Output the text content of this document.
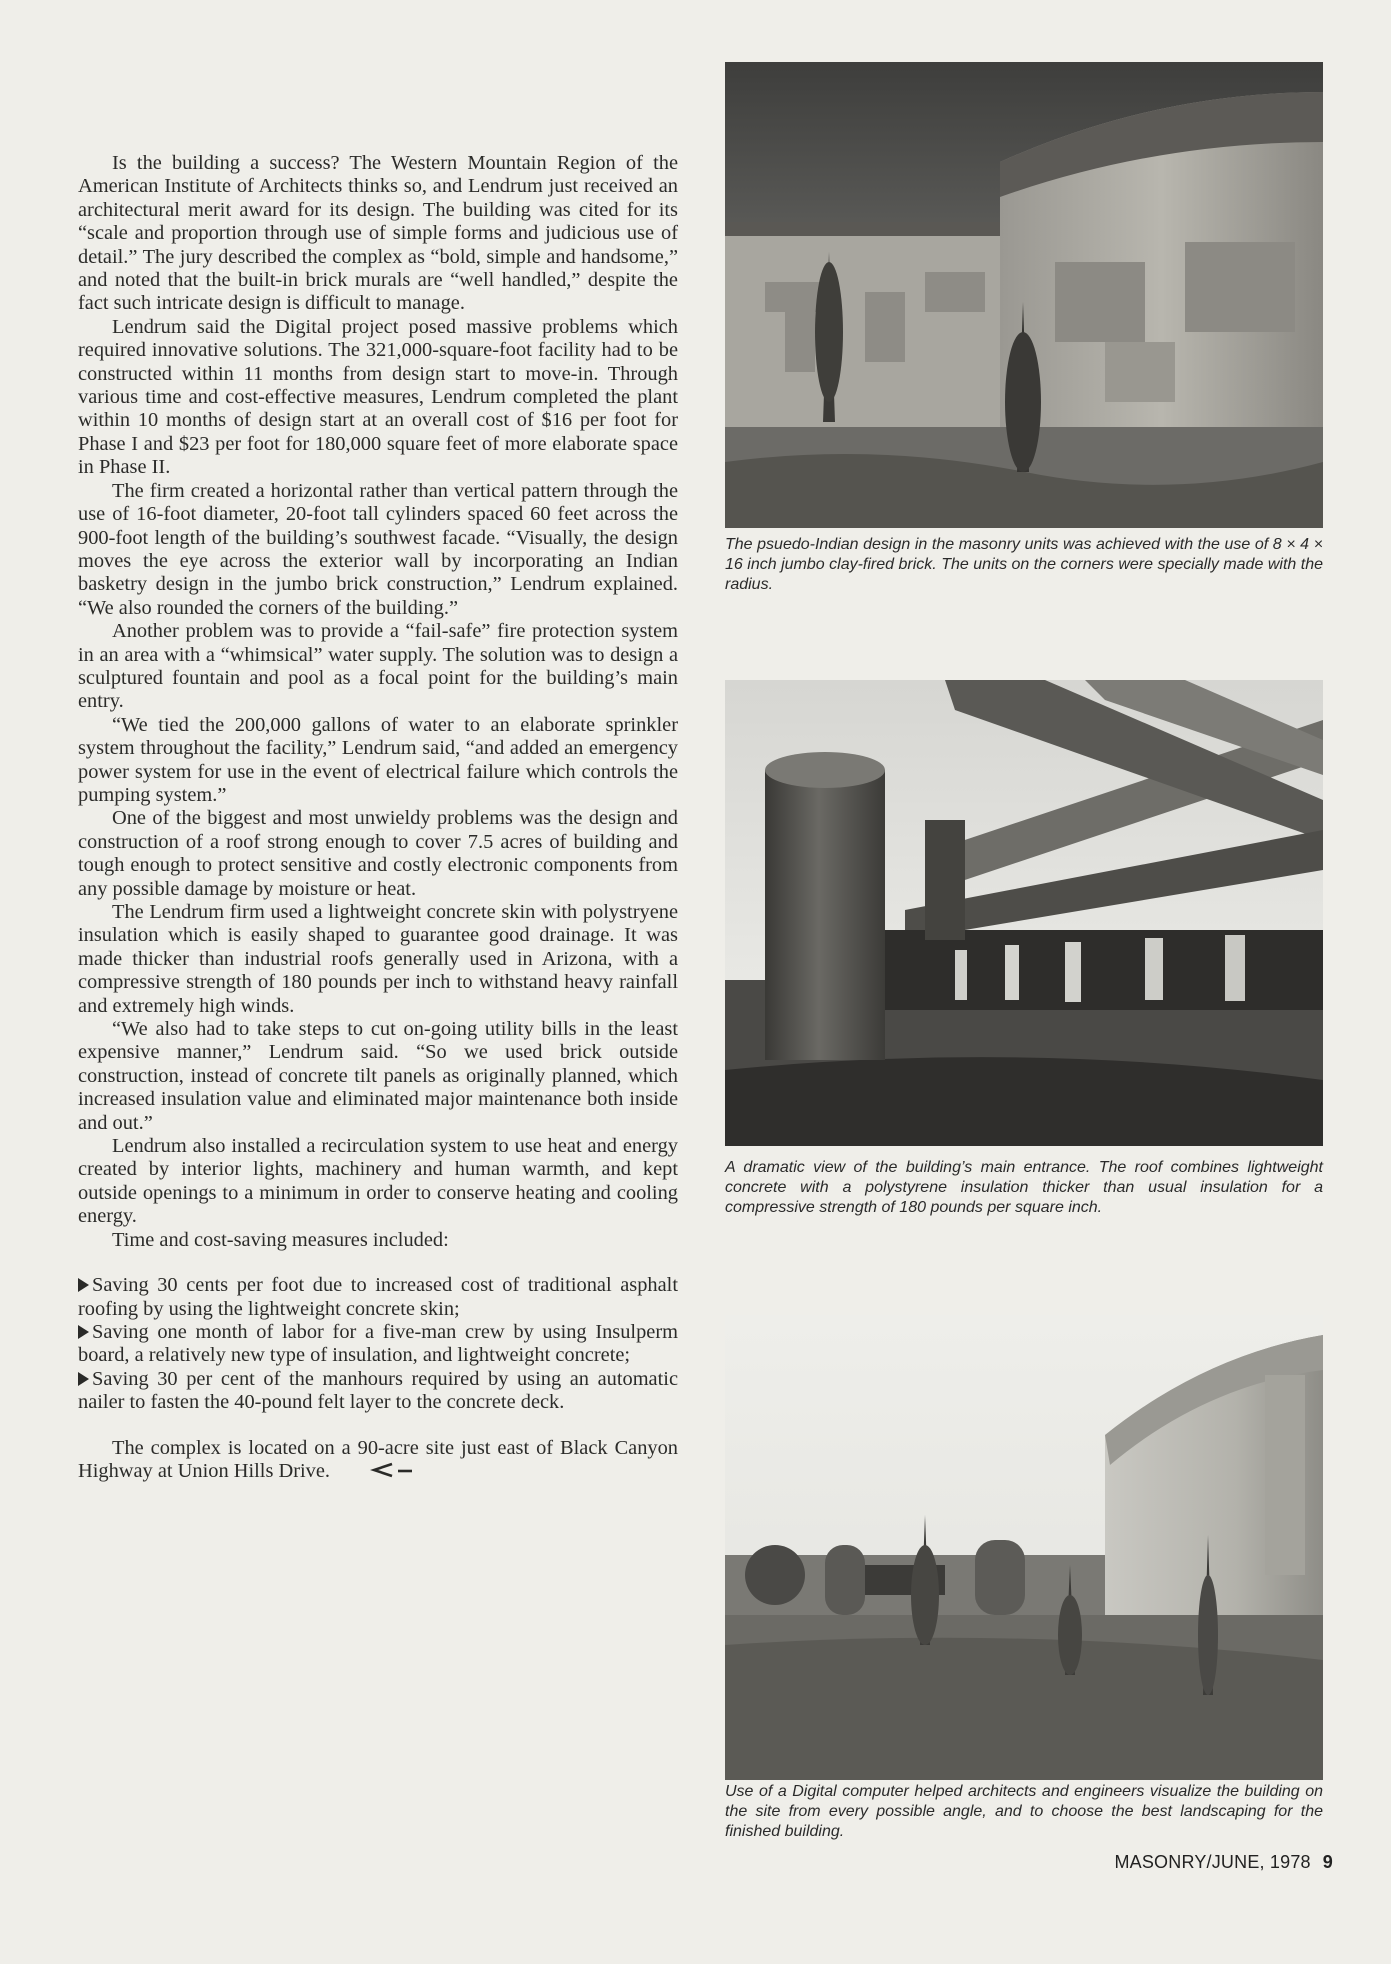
Is the building a success? The Western Mountain Region of the American Institute of Architects thinks so, and Lendrum just received an architectural merit award for its design. The building was cited for its “scale and proportion through use of simple forms and judicious use of detail.” The jury described the complex as “bold, simple and handsome,” and noted that the built-in brick murals are “well handled,” despite the fact such intricate design is difficult to manage.

Lendrum said the Digital project posed massive problems which required innovative solutions. The 321,000-square-foot facility had to be constructed within 11 months from design start to move-in. Through various time and cost-effective measures, Lendrum completed the plant within 10 months of design start at an overall cost of $16 per foot for Phase I and $23 per foot for 180,000 square feet of more elaborate space in Phase II.

The firm created a horizontal rather than vertical pattern through the use of 16-foot diameter, 20-foot tall cylinders spaced 60 feet across the 900-foot length of the building’s southwest facade. “Visually, the design moves the eye across the exterior wall by incorporating an Indian basketry design in the jumbo brick construction,” Lendrum explained. “We also rounded the corners of the building.”

Another problem was to provide a “fail-safe” fire protection system in an area with a “whimsical” water supply. The solution was to design a sculptured fountain and pool as a focal point for the building’s main entry.

“We tied the 200,000 gallons of water to an elaborate sprinkler system throughout the facility,” Lendrum said, “and added an emergency power system for use in the event of electrical failure which controls the pumping system.”

One of the biggest and most unwieldy problems was the design and construction of a roof strong enough to cover 7.5 acres of building and tough enough to protect sensitive and costly electronic components from any possible damage by moisture or heat.

The Lendrum firm used a lightweight concrete skin with polystryene insulation which is easily shaped to guarantee good drainage. It was made thicker than industrial roofs generally used in Arizona, with a compressive strength of 180 pounds per inch to withstand heavy rainfall and extremely high winds.

“We also had to take steps to cut on-going utility bills in the least expensive manner,” Lendrum said. “So we used brick outside construction, instead of concrete tilt panels as originally planned, which increased insulation value and eliminated major maintenance both inside and out.”

Lendrum also installed a recirculation system to use heat and energy created by interior lights, machinery and human warmth, and kept outside openings to a minimum in order to conserve heating and cooling energy.

Time and cost-saving measures included:

Saving 30 cents per foot due to increased cost of traditional asphalt roofing by using the lightweight concrete skin;

Saving one month of labor for a five-man crew by using Insulperm board, a relatively new type of insulation, and lightweight concrete;

Saving 30 per cent of the manhours required by using an automatic nailer to fasten the 40-pound felt layer to the concrete deck.

The complex is located on a 90-acre site just east of Black Canyon Highway at Union Hills Drive.

The psuedo-Indian design in the masonry units was achieved with the use of 8 × 4 × 16 inch jumbo clay-fired brick. The units on the corners were specially made with the radius.
A dramatic view of the building’s main entrance. The roof combines lightweight concrete with a polystyrene insulation thicker than usual insulation for a compressive strength of 180 pounds per square inch.
Use of a Digital computer helped architects and engineers visualize the building on the site from every possible angle, and to choose the best landscaping for the finished building.
MASONRY/JUNE, 1978 9
